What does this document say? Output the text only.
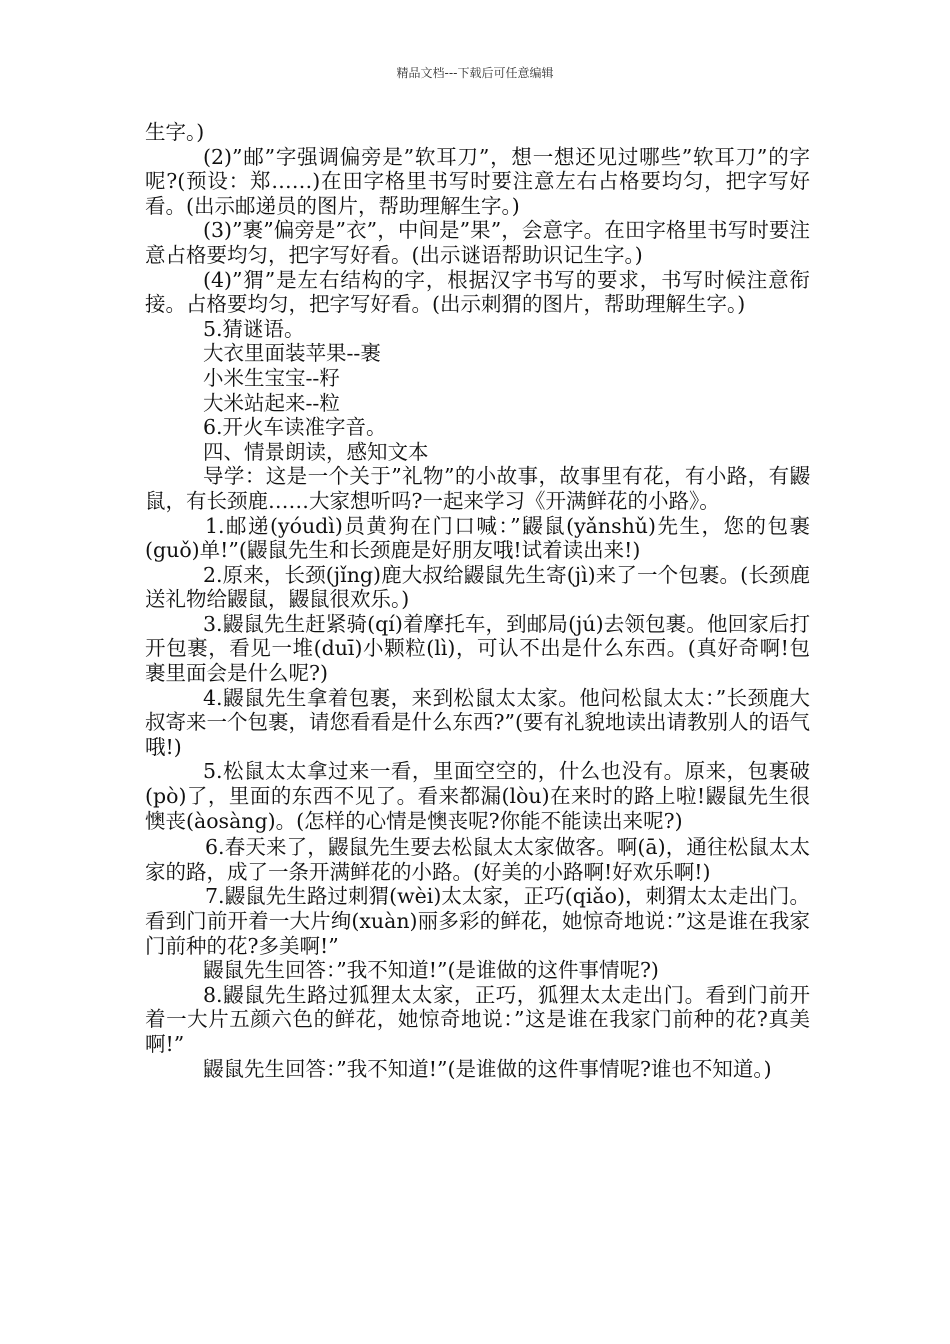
精品文档---下载后可任意编辑

生字。)

(2)”邮”字强调偏旁是”软耳刀”，想一想还见过哪些”软耳刀”的字呢?(预设：郑……)在田字格里书写时要注意左右占格要均匀，把字写好看。(出示邮递员的图片，帮助理解生字。)

(3)”裹”偏旁是”衣”，中间是”果”，会意字。在田字格里书写时要注意占格要均匀，把字写好看。(出示谜语帮助识记生字。)

(4)”猬”是左右结构的字，根据汉字书写的要求，书写时候注意衔接。占格要均匀，把字写好看。(出示刺猬的图片，帮助理解生字。)

5.猜谜语。

大衣里面装苹果--裹

小米生宝宝--籽

大米站起来--粒

6.开火车读准字音。

四、情景朗读，感知文本

导学：这是一个关于”礼物”的小故事，故事里有花，有小路，有鼹鼠，有长颈鹿……大家想听吗?一起来学习《开满鲜花的小路》。

1.邮递(yóudì)员黄狗在门口喊：”鼹鼠(yǎnshǔ)先生，您的包裹(guǒ)单!”(鼹鼠先生和长颈鹿是好朋友哦!试着读出来!)

2.原来，长颈(jǐng)鹿大叔给鼹鼠先生寄(jì)来了一个包裹。(长颈鹿送礼物给鼹鼠，鼹鼠很欢乐。)

3.鼹鼠先生赶紧骑(qí)着摩托车，到邮局(jú)去领包裹。他回家后打开包裹，看见一堆(duī)小颗粒(lì)，可认不出是什么东西。(真好奇啊!包裹里面会是什么呢?)

4.鼹鼠先生拿着包裹，来到松鼠太太家。他问松鼠太太：”长颈鹿大叔寄来一个包裹，请您看看是什么东西?”(要有礼貌地读出请教别人的语气哦!)

5.松鼠太太拿过来一看，里面空空的，什么也没有。原来，包裹破(pò)了，里面的东西不见了。看来都漏(lòu)在来时的路上啦!鼹鼠先生很懊丧(àosàng)。(怎样的心情是懊丧呢?你能不能读出来呢?)

6.春天来了，鼹鼠先生要去松鼠太太家做客。啊(ā)，通往松鼠太太家的路，成了一条开满鲜花的小路。(好美的小路啊!好欢乐啊!)

7.鼹鼠先生路过刺猬(wèi)太太家，正巧(qiǎo)，刺猬太太走出门。看到门前开着一大片绚(xuàn)丽多彩的鲜花，她惊奇地说：”这是谁在我家门前种的花?多美啊!”

鼹鼠先生回答：”我不知道!”(是谁做的这件事情呢?)

8.鼹鼠先生路过狐狸太太家，正巧，狐狸太太走出门。看到门前开着一大片五颜六色的鲜花，她惊奇地说：”这是谁在我家门前种的花?真美啊!”

鼹鼠先生回答：”我不知道!”(是谁做的这件事情呢?谁也不知道。)
